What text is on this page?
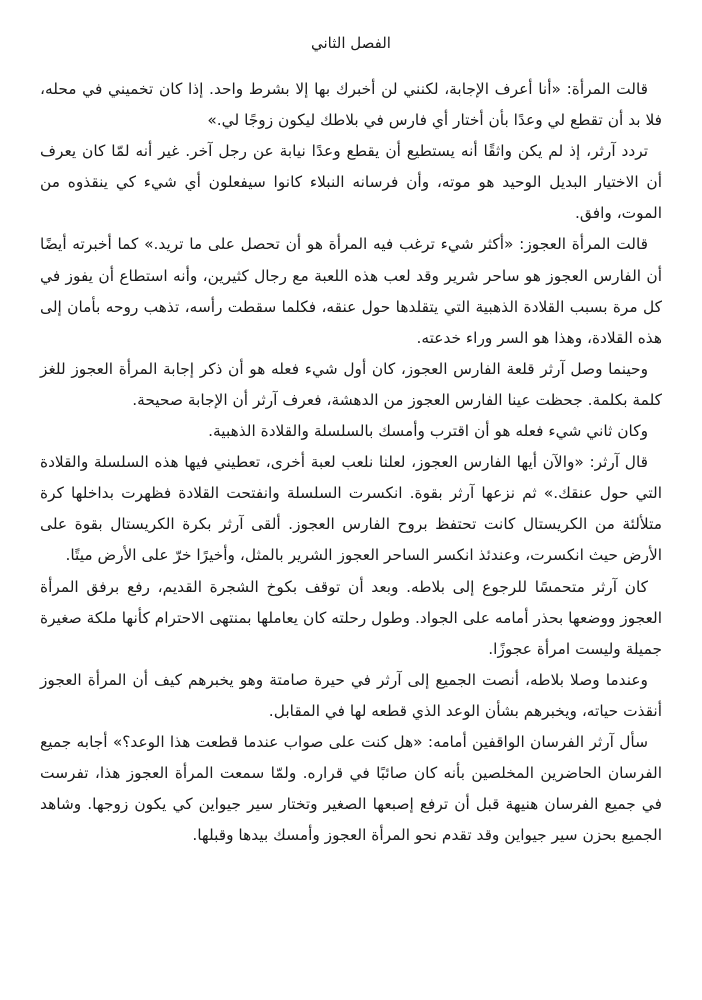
الفصل الثاني

قالت المرأة: «أنا أعرف الإجابة، لكنني لن أخبرك بها إلا بشرط واحد. إذا كان تخميني في محله، فلا بد أن تقطع لي وعدًا بأن أختار أي فارس في بلاطك ليكون زوجًا لي.»

تردد آرثر، إذ لم يكن واثقًا أنه يستطيع أن يقطع وعدًا نيابة عن رجل آخر. غير أنه لمّا كان يعرف أن الاختيار البديل الوحيد هو موته، وأن فرسانه النبلاء كانوا سيفعلون أي شيء كي ينقذوه من الموت، وافق.

قالت المرأة العجوز: «أكثر شيء ترغب فيه المرأة هو أن تحصل على ما تريد.» كما أخبرته أيضًا أن الفارس العجوز هو ساحر شرير وقد لعب هذه اللعبة مع رجال كثيرين، وأنه استطاع أن يفوز في كل مرة بسبب القلادة الذهبية التي يتقلدها حول عنقه، فكلما سقطت رأسه، تذهب روحه بأمان إلى هذه القلادة، وهذا هو السر وراء خدعته.

وحينما وصل آرثر قلعة الفارس العجوز، كان أول شيء فعله هو أن ذكر إجابة المرأة العجوز للغز كلمة بكلمة. جحظت عينا الفارس العجوز من الدهشة، فعرف آرثر أن الإجابة صحيحة.

وكان ثاني شيء فعله هو أن اقترب وأمسك بالسلسلة والقلادة الذهبية.

قال آرثر: «والآن أيها الفارس العجوز، لعلنا نلعب لعبة أخرى، تعطيني فيها هذه السلسلة والقلادة التي حول عنقك.» ثم نزعها آرثر بقوة. انكسرت السلسلة وانفتحت القلادة فظهرت بداخلها كرة متلألئة من الكريستال كانت تحتفظ بروح الفارس العجوز. ألقى آرثر بكرة الكريستال بقوة على الأرض حيث انكسرت، وعندئذ انكسر الساحر العجوز الشرير بالمثل، وأخيرًا خرّ على الأرض ميتًا.

كان آرثر متحمسًا للرجوع إلى بلاطه. وبعد أن توقف بكوخ الشجرة القديم، رفع برفق المرأة العجوز ووضعها بحذر أمامه على الجواد. وطول رحلته كان يعاملها بمنتهى الاحترام كأنها ملكة صغيرة جميلة وليست امرأة عجوزًا.

وعندما وصلا بلاطه، أنصت الجميع إلى آرثر في حيرة صامتة وهو يخبرهم كيف أن المرأة العجوز أنقذت حياته، ويخبرهم بشأن الوعد الذي قطعه لها في المقابل.

سأل آرثر الفرسان الواقفين أمامه: «هل كنت على صواب عندما قطعت هذا الوعد؟» أجابه جميع الفرسان الحاضرين المخلصين بأنه كان صائبًا في قراره. ولمّا سمعت المرأة العجوز هذا، تفرست في جميع الفرسان هنيهة قبل أن ترفع إصبعها الصغير وتختار سير جيواين كي يكون زوجها. وشاهد الجميع بحزن سير جيواين وقد تقدم نحو المرأة العجوز وأمسك بيدها وقبلها.
